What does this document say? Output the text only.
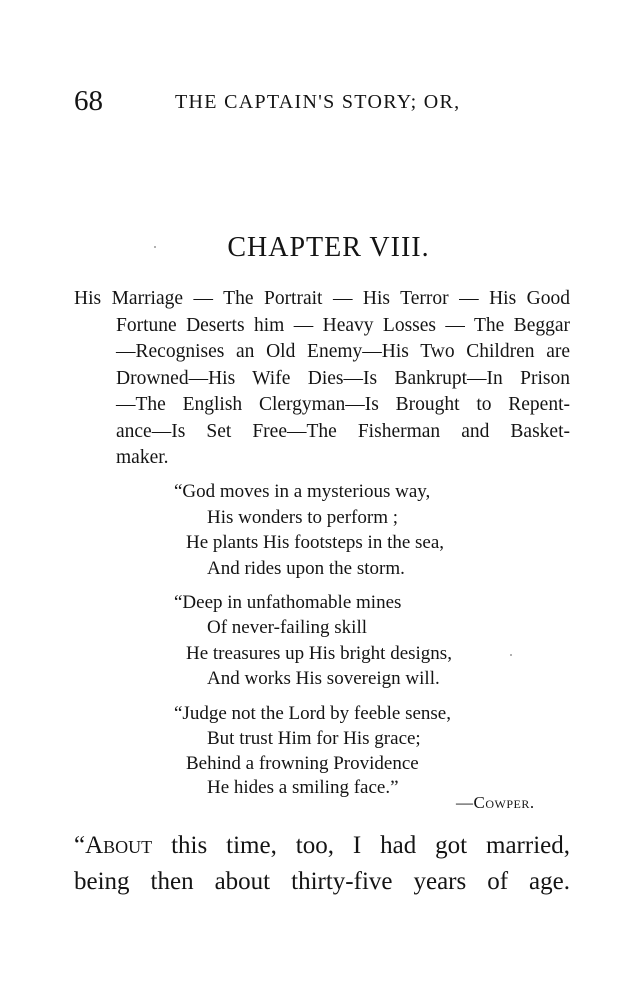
68	THE CAPTAIN'S STORY; OR,
CHAPTER VIII.
His Marriage — The Portrait — His Terror — His Good
Fortune Deserts him — Heavy Losses — The Beggar
—Recognises an Old Enemy—His Two Children are
Drowned—His Wife Dies—Is Bankrupt—In Prison
—The English Clergyman—Is Brought to Repent-
ance—Is Set Free—The Fisherman and Basket-
maker.
“God moves in a mysterious way,
His wonders to perform ;
He plants His footsteps in the sea,
And rides upon the storm.
“Deep in unfathomable mines
Of never-failing skill
He treasures up His bright designs,
And works His sovereign will.
“Judge not the Lord by feeble sense,
But trust Him for His grace;
Behind a frowning Providence
He hides a smiling face.”
—Cowper.
“About this time, too, I had got married,
being then about thirty-five years of age.
